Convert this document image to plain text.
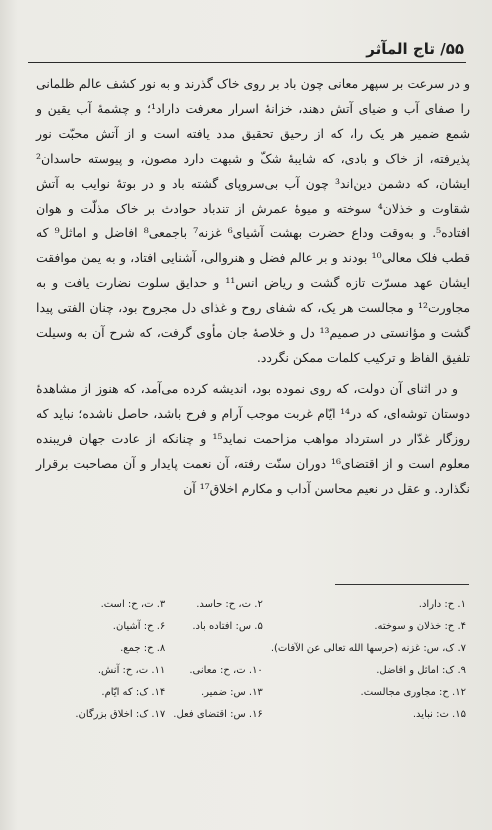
۵۵/ تاج المآثر

و در سرعت بر سپهر معانی چون باد بر روی خاک گذرند و به نور کشف عالم ظلمانی را صفای آب و ضیای آتش دهند، خزانهٔ اسرار معرفت داراد¹؛ و چشمهٔ آب یقین و شمع ضمیر هر یک را، که از رحیق تحقیق مدد یافته است و از آتش محبّت نور پذیرفته، از خاک و بادی، که شایبهٔ شکّ و شبهت دارد مصون، و پیوسته حاسدان² ایشان، که دشمن دین‌اند³ چون آب بی‌سروپای گشته باد و در بوتهٔ نوایب به آتش شقاوت و خذلان⁴ سوخته و میوهٔ عمرش از تندباد حوادث بر خاک مذلّت و هوان افتاده⁵. و به‌وقت وداع حضرت بهشت آشیای⁶ غزنه⁷ باجمعی⁸ افاضل و اماثل⁹ که قطب فلک معالی¹⁰ بودند و بر عالم فضل و هنروالی، آشنایی افتاد، و به یمن موافقت ایشان عهد مسرّت تازه گشت و ریاض انس¹¹ و حدایق سلوت نضارت یافت و به مجاورت¹² و مجالست هر یک، که شفای روح و غذای دل مجروح بود، چنان الفتی پیدا گشت و مؤانستی در صمیم¹³ دل و خلاصهٔ جان مأوی گرفت، که شرح آن به وسیلت تلفیق الفاظ و ترکیب کلمات ممکن نگردد.

و در اثنای آن دولت، که روی نموده بود، اندیشه کرده می‌آمد، که هنوز از مشاهدهٔ دوستان توشه‌ای، که در¹⁴ ایّام غربت موجب آرام و فرح باشد، حاصل ناشده؛ نباید که روزگار غدّار در استرداد مواهب مزاحمت نماید¹⁵ و چنانکه از عادت جهان فریبنده معلوم است و از اقتضای¹⁶ دوران سنّت رفته، آن نعمت پایدار و آن مصاحبت برقرار نگذارد. و عقل در نعیم محاسن آداب و مکارم اخلاق¹⁷ آن

۱. ح: داراد.
۲. ت، ح: حاسد.
۳. ت، ح: است.
۴. ح: خذلان و سوخته.
۵. س: افتاده باد.
۶. ح: آشیان.
۷. ک، س: غزنه (حرسها الله تعالی عن الآفات).
۸. ح: جمع.
۹. ک: اماثل و افاضل.
۱۰. ت، ح: معانی.
۱۱. ت، ح: آنش.
۱۲. ح: مجاوری مجالست.
۱۳. س: ضمیر.
۱۴. ک: که ایّام.
۱۵. ت: نباید.
۱۶. س: اقتضای فعل.
۱۷. ک: اخلاق بزرگان.
